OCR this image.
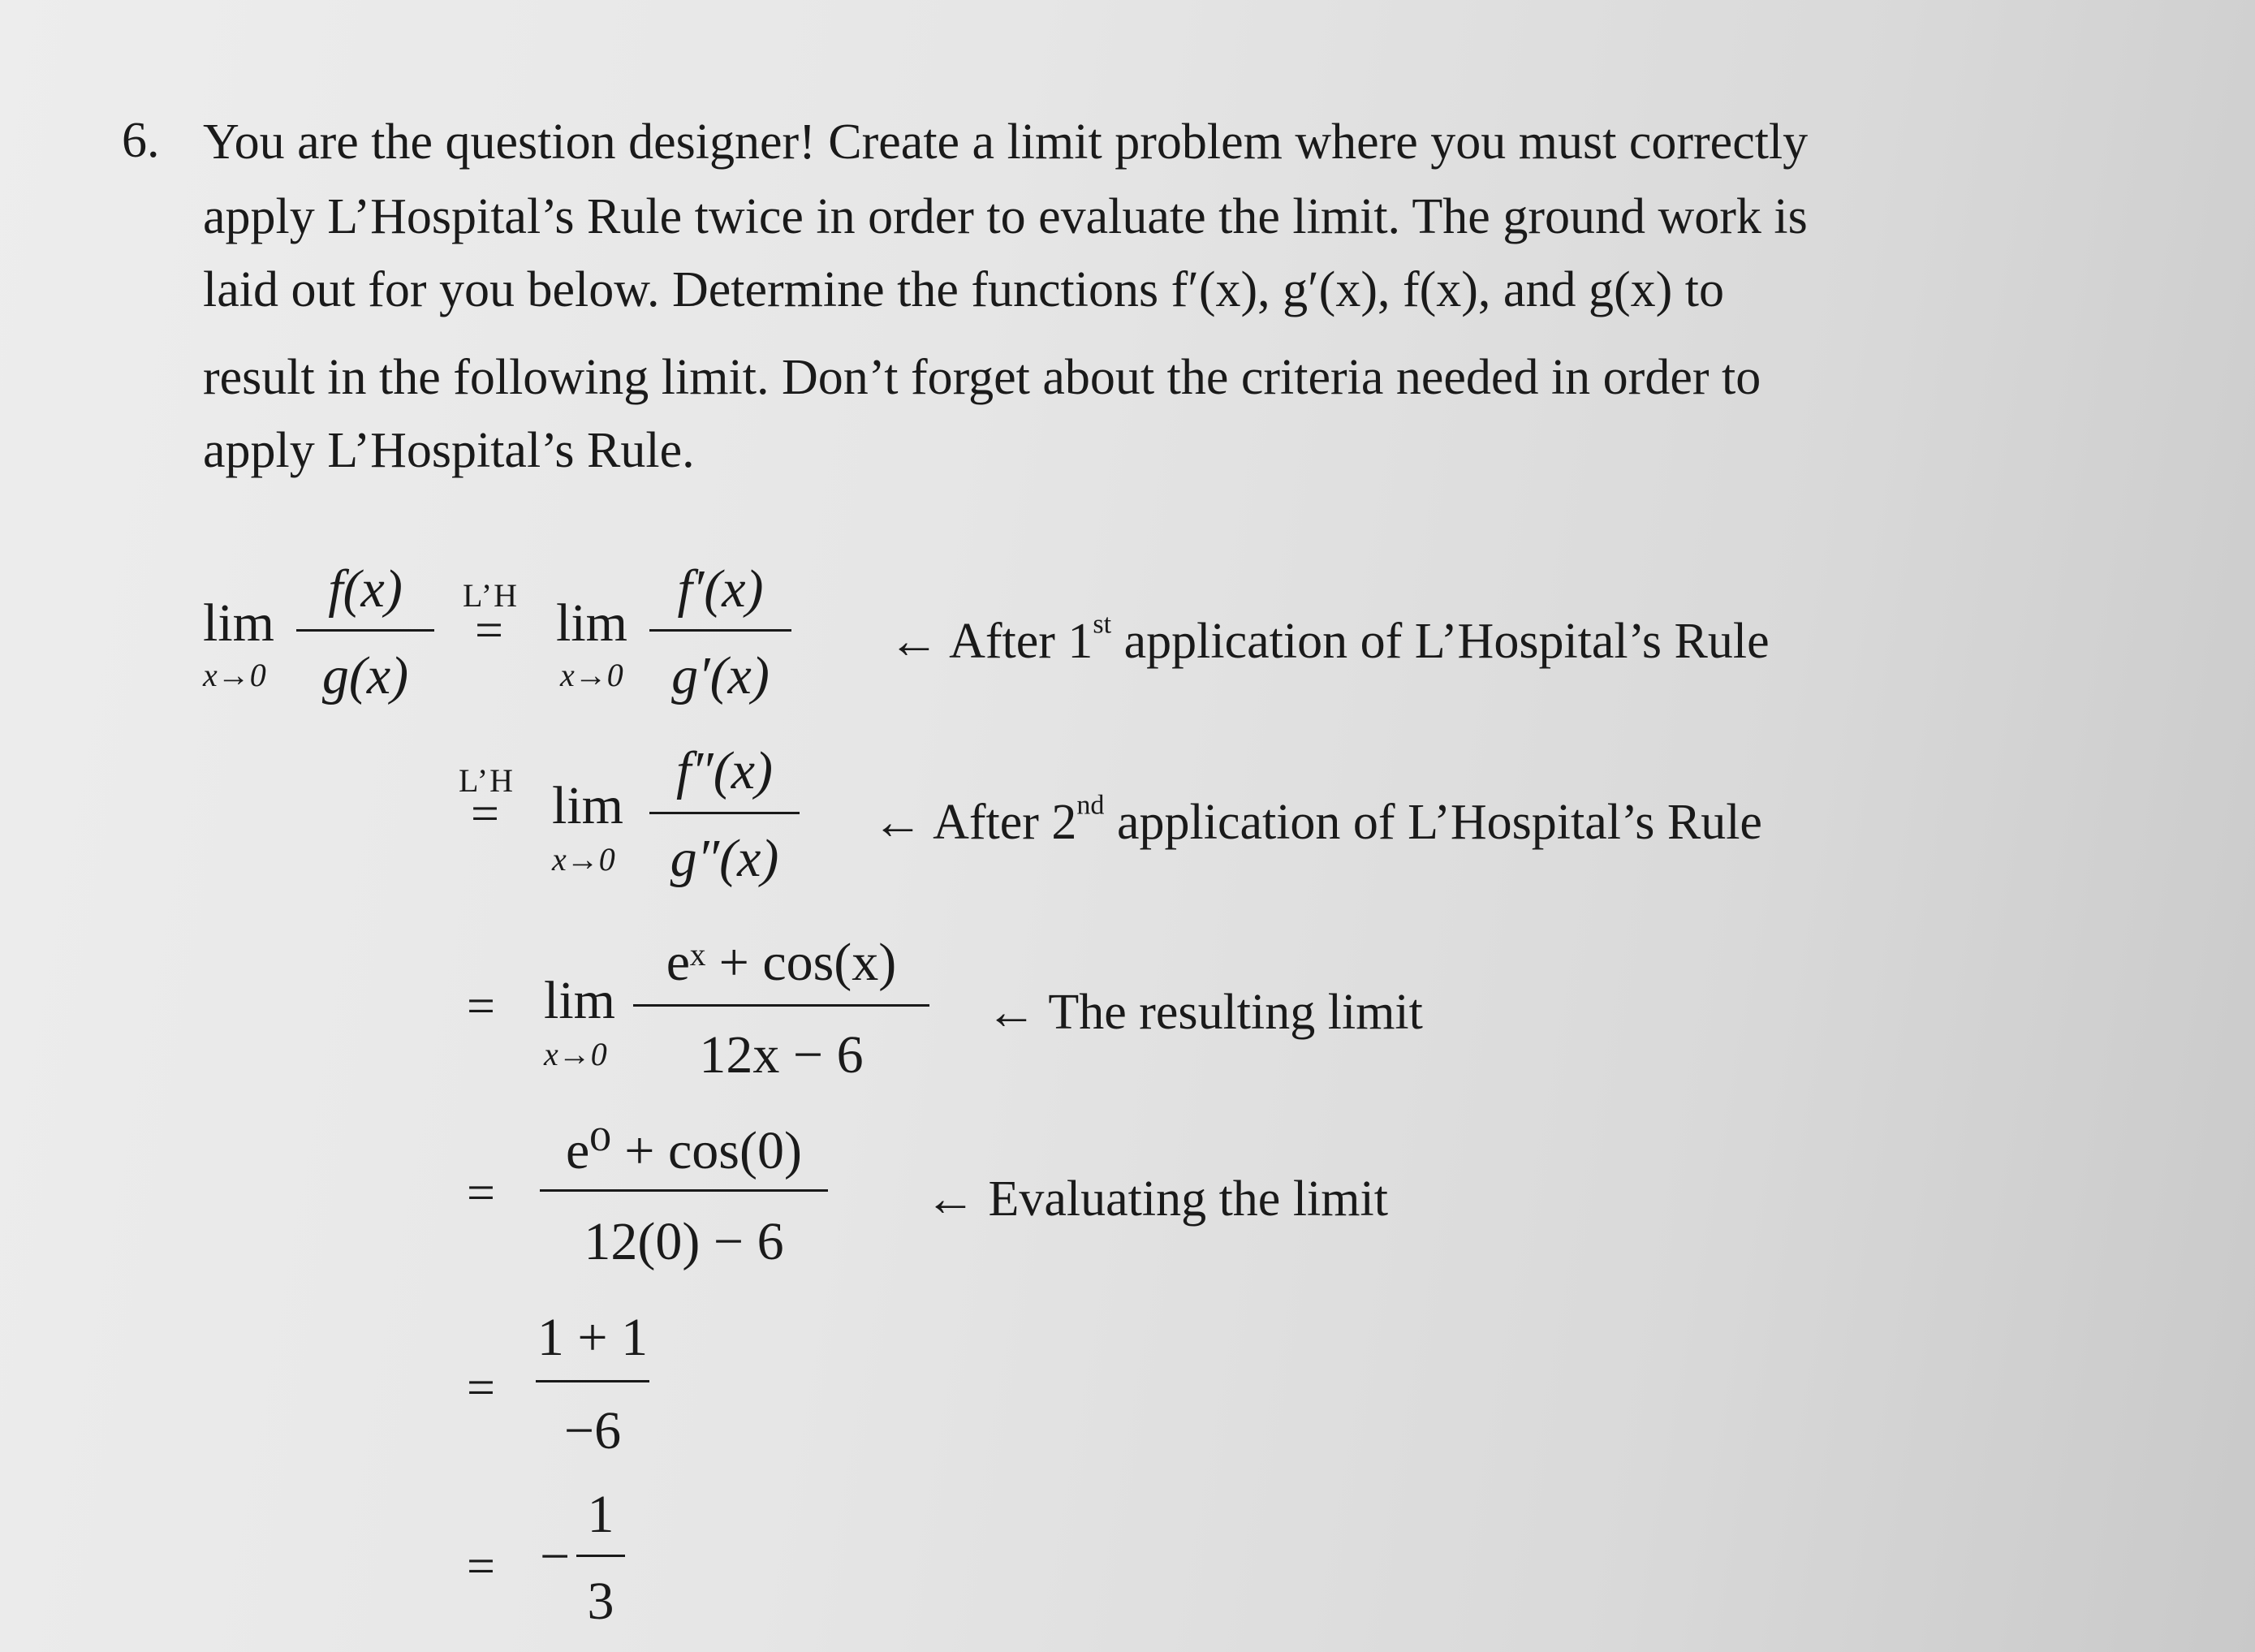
6. You are the question designer! Create a limit problem where you must correctly
apply L’Hospital’s Rule twice in order to evaluate the limit. The ground work is
laid out for you below. Determine the functions f′(x), g′(x), f(x), and g(x) to
result in the following limit. Don’t forget about the criteria needed in order to
apply L’Hospital’s Rule.
lim
x→0
f(x)
g(x)
L’H
= lim
x→0
f′(x)
g′(x)
← After 1st application of L’Hospital’s Rule
L’H
= lim
x→0
f″(x)
g″(x)
← After 2nd application of L’Hospital’s Rule
= lim
x→0
eˣ + cos(x)
12x − 6
← The resulting limit
=
e⁰ + cos(0)
12(0) − 6
← Evaluating the limit
=
1 + 1
−6
= −
1
3
